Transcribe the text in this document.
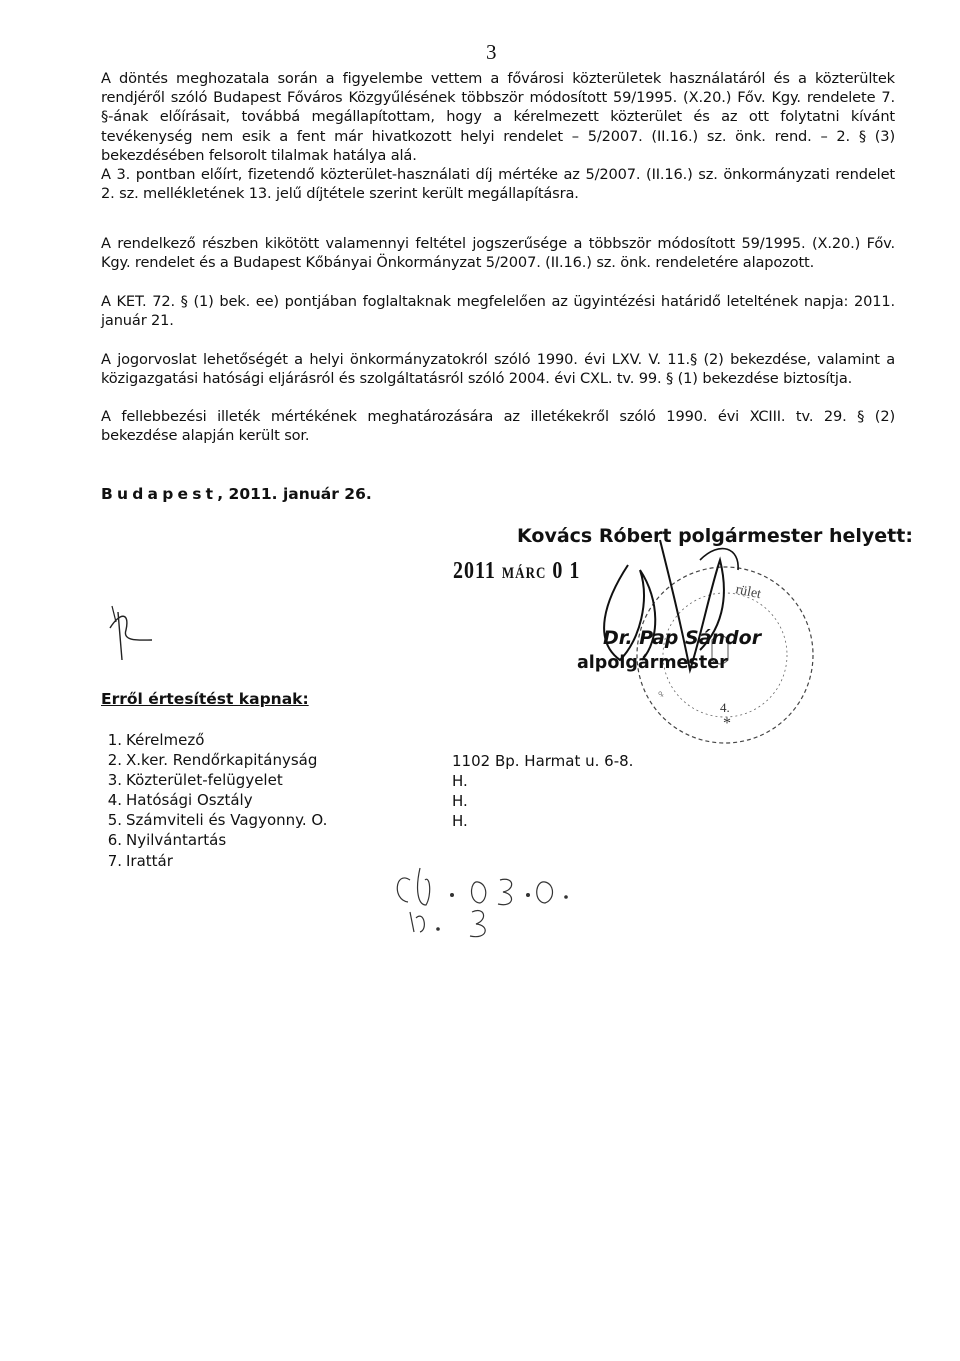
3
A döntés meghozatala során a figyelembe vettem a fővárosi közterületek használatáról és a közterültek
rendjéről szóló Budapest Főváros Közgyűlésének többször módosított 59/1995. (X.20.) Főv. Kgy. rendelete 7.
§-ának előírásait, továbbá megállapítottam, hogy a kérelmezett közterület és az ott folytatni kívánt
tevékenység nem esik a fent már hivatkozott helyi rendelet – 5/2007. (II.16.) sz. önk. rend. – 2. § (3)
bekezdésében felsorolt tilalmak hatálya alá.
A 3. pontban előírt, fizetendő közterület-használati díj mértéke az 5/2007. (II.16.) sz. önkormányzati rendelet
2. sz. mellékletének 13. jelű díjtétele szerint került megállapításra.
A rendelkező részben kikötött valamennyi feltétel jogszerűsége a többször módosított 59/1995. (X.20.) Főv.
Kgy. rendelet és a Budapest Kőbányai Önkormányzat 5/2007. (II.16.) sz. önk. rendeletére alapozott.
A KET. 72. § (1) bek. ee) pontjában foglaltaknak megfelelően az ügyintézési határidő leteltének napja: 2011.
január 21.
A jogorvoslat lehetőségét a helyi önkormányzatokról szóló 1990. évi LXV. V. 11.§ (2) bekezdése, valamint a
közigazgatási hatósági eljárásról és szolgáltatásról szóló 2004. évi CXL. tv. 99. § (1) bekezdése biztosítja.
A fellebbezési illeték mértékének meghatározására az illetékekről szóló 1990. évi XCIII. tv. 29. § (2)
bekezdése alapján került sor.
Budapest, 2011. január 26.
Kovács Róbert polgármester helyett:
2011 MÁRC 0 1
rület
♀
4.
*
Dr. Pap Sándor
alpolgármester
Erről értesítést kapnak:
1. Kérelmező
2. X.ker. Rendőrkapitányság
3. Közterület-felügyelet
4. Hatósági Osztály
5. Számviteli és Vagyonny. O.
6. Nyilvántartás
7. Irattár
1102 Bp. Harmat u. 6-8.
H.
H.
H.
